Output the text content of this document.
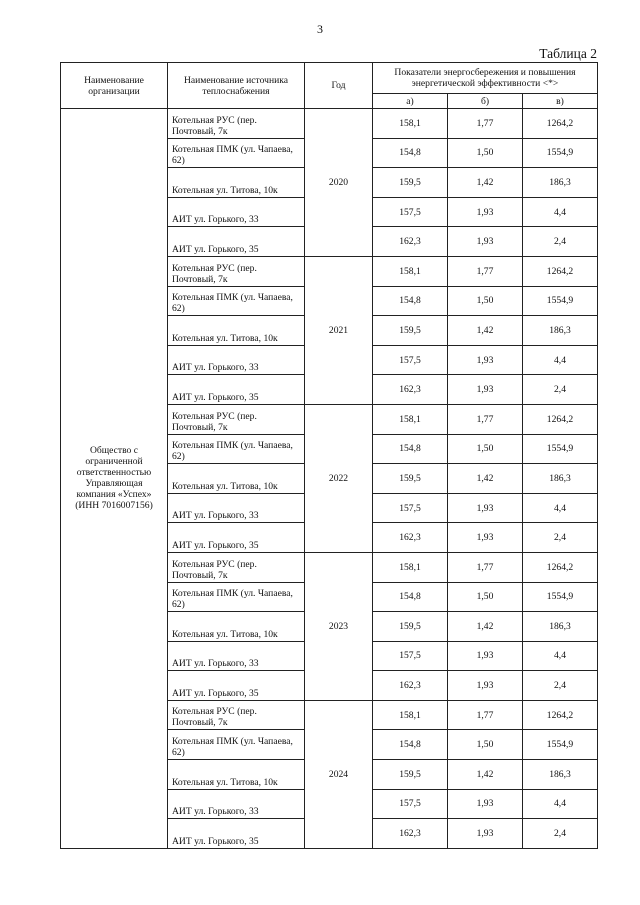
3
Таблица 2
Наименование организации	Наименование источника теплоснабжения	Год	Показатели энергосбережения и повышения энергетической эффективности <*>		
			а)	б)	в)
Общество с ограниченной ответственностью Управляющая компания «Успех» (ИНН 7016007156)	Котельная РУС (пер. Почтовый, 7к	2020	158,1	1,77	1264,2
	Котельная ПМК (ул. Чапаева, 62)		154,8	1,50	1554,9
	Котельная ул. Титова, 10к		159,5	1,42	186,3
	АИТ ул. Горького, 33		157,5	1,93	4,4
	АИТ ул. Горького, 35		162,3	1,93	2,4
	Котельная РУС (пер. Почтовый, 7к	2021	158,1	1,77	1264,2
	Котельная ПМК (ул. Чапаева, 62)		154,8	1,50	1554,9
	Котельная ул. Титова, 10к		159,5	1,42	186,3
	АИТ ул. Горького, 33		157,5	1,93	4,4
	АИТ ул. Горького, 35		162,3	1,93	2,4
	Котельная РУС (пер. Почтовый, 7к	2022	158,1	1,77	1264,2
	Котельная ПМК (ул. Чапаева, 62)		154,8	1,50	1554,9
	Котельная ул. Титова, 10к		159,5	1,42	186,3
	АИТ ул. Горького, 33		157,5	1,93	4,4
	АИТ ул. Горького, 35		162,3	1,93	2,4
	Котельная РУС (пер. Почтовый, 7к	2023	158,1	1,77	1264,2
	Котельная ПМК (ул. Чапаева, 62)		154,8	1,50	1554,9
	Котельная ул. Титова, 10к		159,5	1,42	186,3
	АИТ ул. Горького, 33		157,5	1,93	4,4
	АИТ ул. Горького, 35		162,3	1,93	2,4
	Котельная РУС (пер. Почтовый, 7к	2024	158,1	1,77	1264,2
	Котельная ПМК (ул. Чапаева, 62)		154,8	1,50	1554,9
	Котельная ул. Титова, 10к		159,5	1,42	186,3
	АИТ ул. Горького, 33		157,5	1,93	4,4
	АИТ ул. Горького, 35		162,3	1,93	2,4
